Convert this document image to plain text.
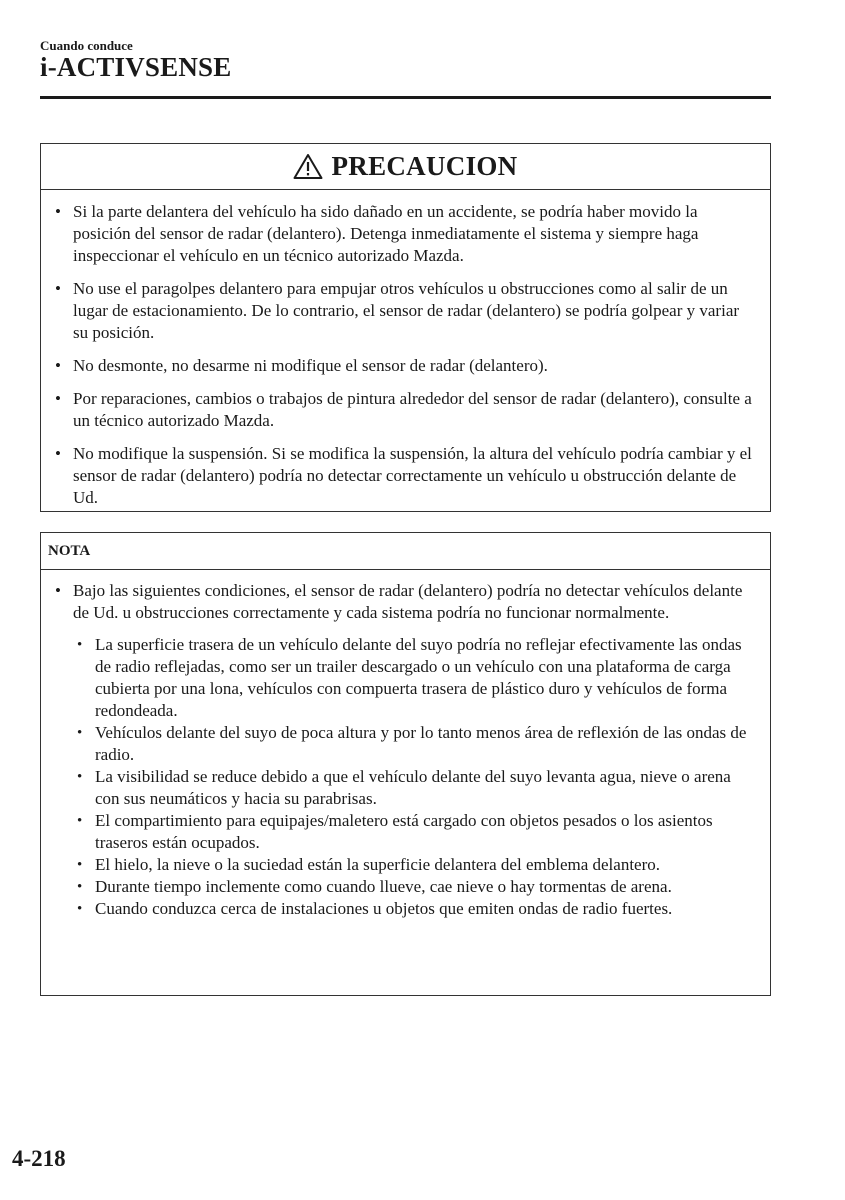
Cuando conduce
i-ACTIVSENSE
PRECAUCION
• Si la parte delantera del vehículo ha sido dañado en un accidente, se podría haber movido la posición del sensor de radar (delantero). Detenga inmediatamente el sistema y siempre haga inspeccionar el vehículo en un técnico autorizado Mazda.
• No use el paragolpes delantero para empujar otros vehículos u obstrucciones como al salir de un lugar de estacionamiento. De lo contrario, el sensor de radar (delantero) se podría golpear y variar su posición.
• No desmonte, no desarme ni modifique el sensor de radar (delantero).
• Por reparaciones, cambios o trabajos de pintura alrededor del sensor de radar (delantero), consulte a un técnico autorizado Mazda.
• No modifique la suspensión. Si se modifica la suspensión, la altura del vehículo podría cambiar y el sensor de radar (delantero) podría no detectar correctamente un vehículo u obstrucción delante de Ud.
NOTA
• Bajo las siguientes condiciones, el sensor de radar (delantero) podría no detectar vehículos delante de Ud. u obstrucciones correctamente y cada sistema podría no funcionar normalmente.
• La superficie trasera de un vehículo delante del suyo podría no reflejar efectivamente las ondas de radio reflejadas, como ser un trailer descargado o un vehículo con una plataforma de carga cubierta por una lona, vehículos con compuerta trasera de plástico duro y vehículos de forma redondeada.
• Vehículos delante del suyo de poca altura y por lo tanto menos área de reflexión de las ondas de radio.
• La visibilidad se reduce debido a que el vehículo delante del suyo levanta agua, nieve o arena con sus neumáticos y hacia su parabrisas.
• El compartimiento para equipajes/maletero está cargado con objetos pesados o los asientos traseros están ocupados.
• El hielo, la nieve o la suciedad están la superficie delantera del emblema delantero.
• Durante tiempo inclemente como cuando llueve, cae nieve o hay tormentas de arena.
• Cuando conduzca cerca de instalaciones u objetos que emiten ondas de radio fuertes.
4-218
